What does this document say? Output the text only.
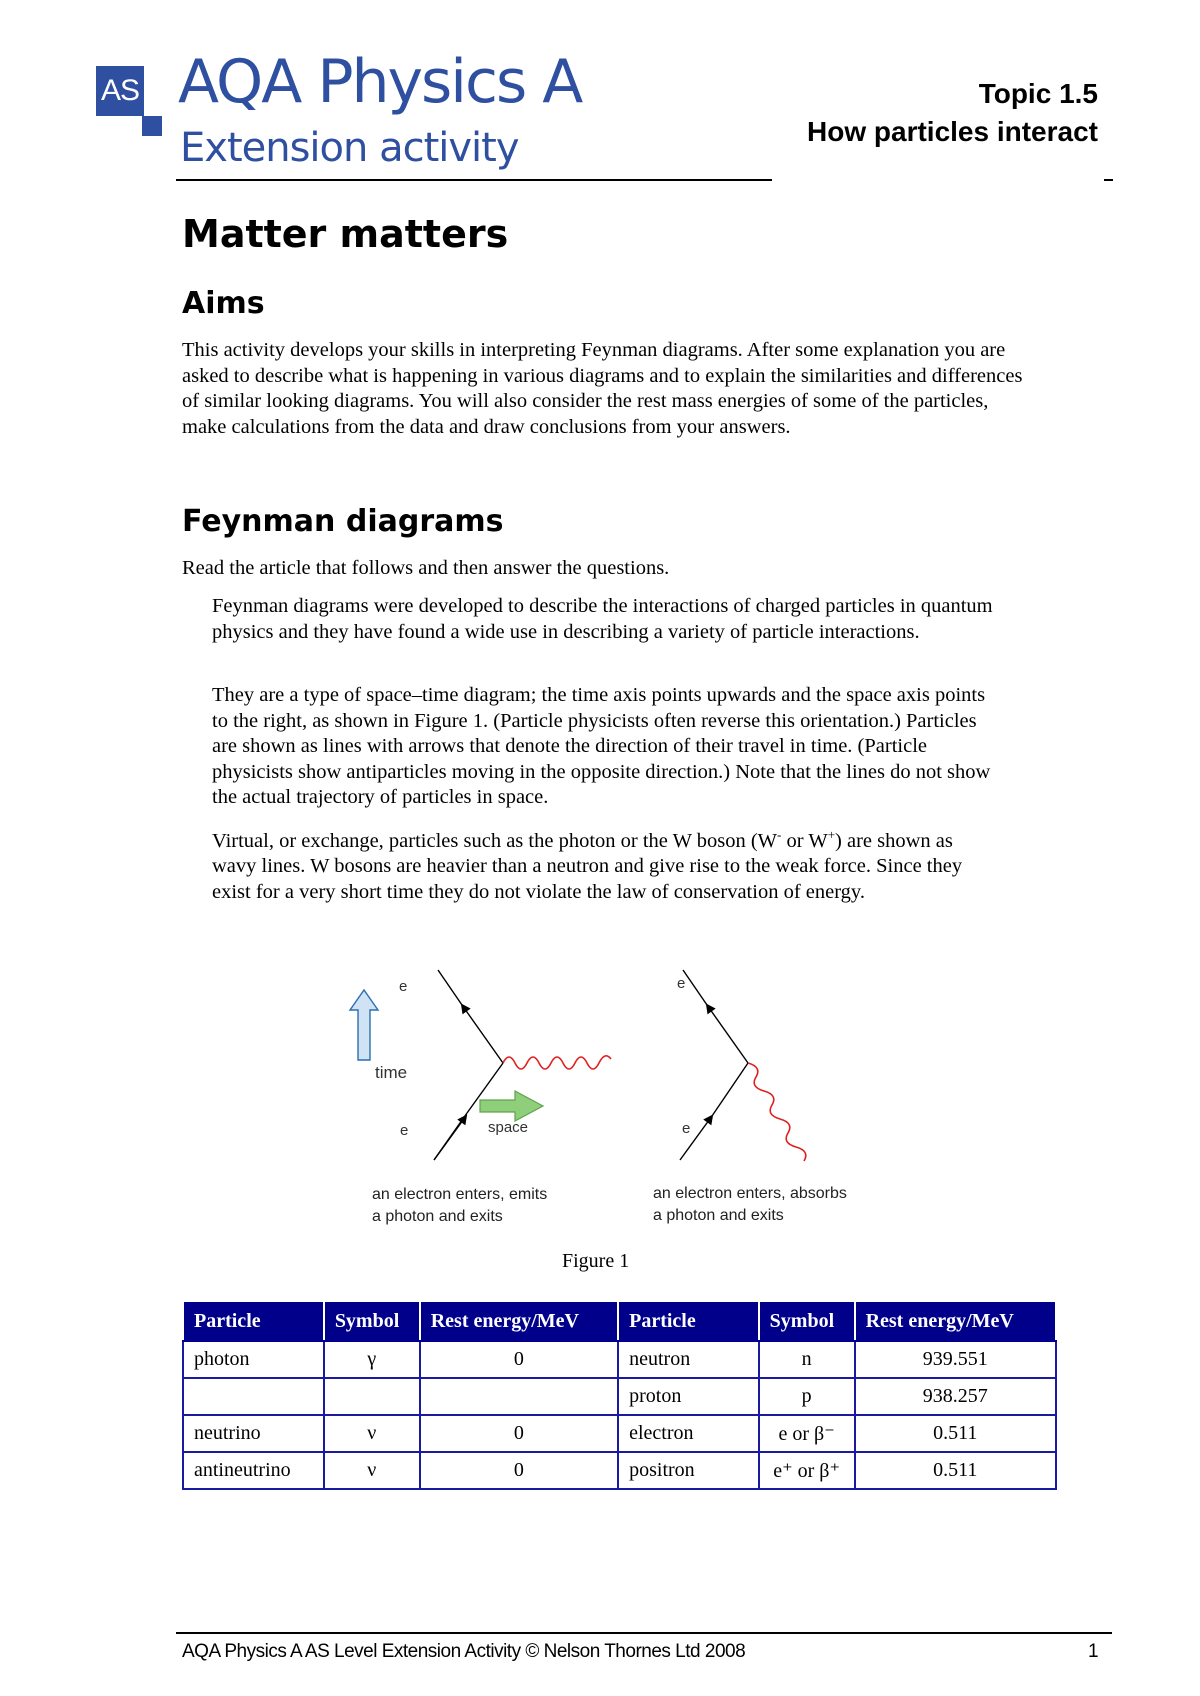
AS AQA Physics A
Extension activity
Topic 1.5
How particles interact
Matter matters
Aims
This activity develops your skills in interpreting Feynman diagrams. After some explanation you are asked to describe what is happening in various diagrams and to explain the similarities and differences of similar looking diagrams. You will also consider the rest mass energies of some of the particles, make calculations from the data and draw conclusions from your answers.
Feynman diagrams
Read the article that follows and then answer the questions.
Feynman diagrams were developed to describe the interactions of charged particles in quantum physics and they have found a wide use in describing a variety of particle interactions.
They are a type of space–time diagram; the time axis points upwards and the space axis points to the right, as shown in Figure 1. (Particle physicists often reverse this orientation.) Particles are shown as lines with arrows that denote the direction of their travel in time. (Particle physicists show antiparticles moving in the opposite direction.) Note that the lines do not show the actual trajectory of particles in space.
Virtual, or exchange, particles such as the photon or the W boson (W- or W+) are shown as wavy lines. W bosons are heavier than a neutron and give rise to the weak force. Since they exist for a very short time they do not violate the law of conservation of energy.
e
time
e	space
e
e
an electron enters, emits
a photon and exits
an electron enters, absorbs
a photon and exits
Figure 1
Particle	Symbol	Rest energy/MeV	Particle	Symbol	Rest energy/MeV
photon	γ	0	neutron	n	939.551
			proton	p	938.257
neutrino	ν	0	electron	e or β⁻	0.511
antineutrino	ν	0	positron	e⁺ or β⁺	0.511
AQA Physics A AS Level Extension Activity © Nelson Thornes Ltd 2008	1
